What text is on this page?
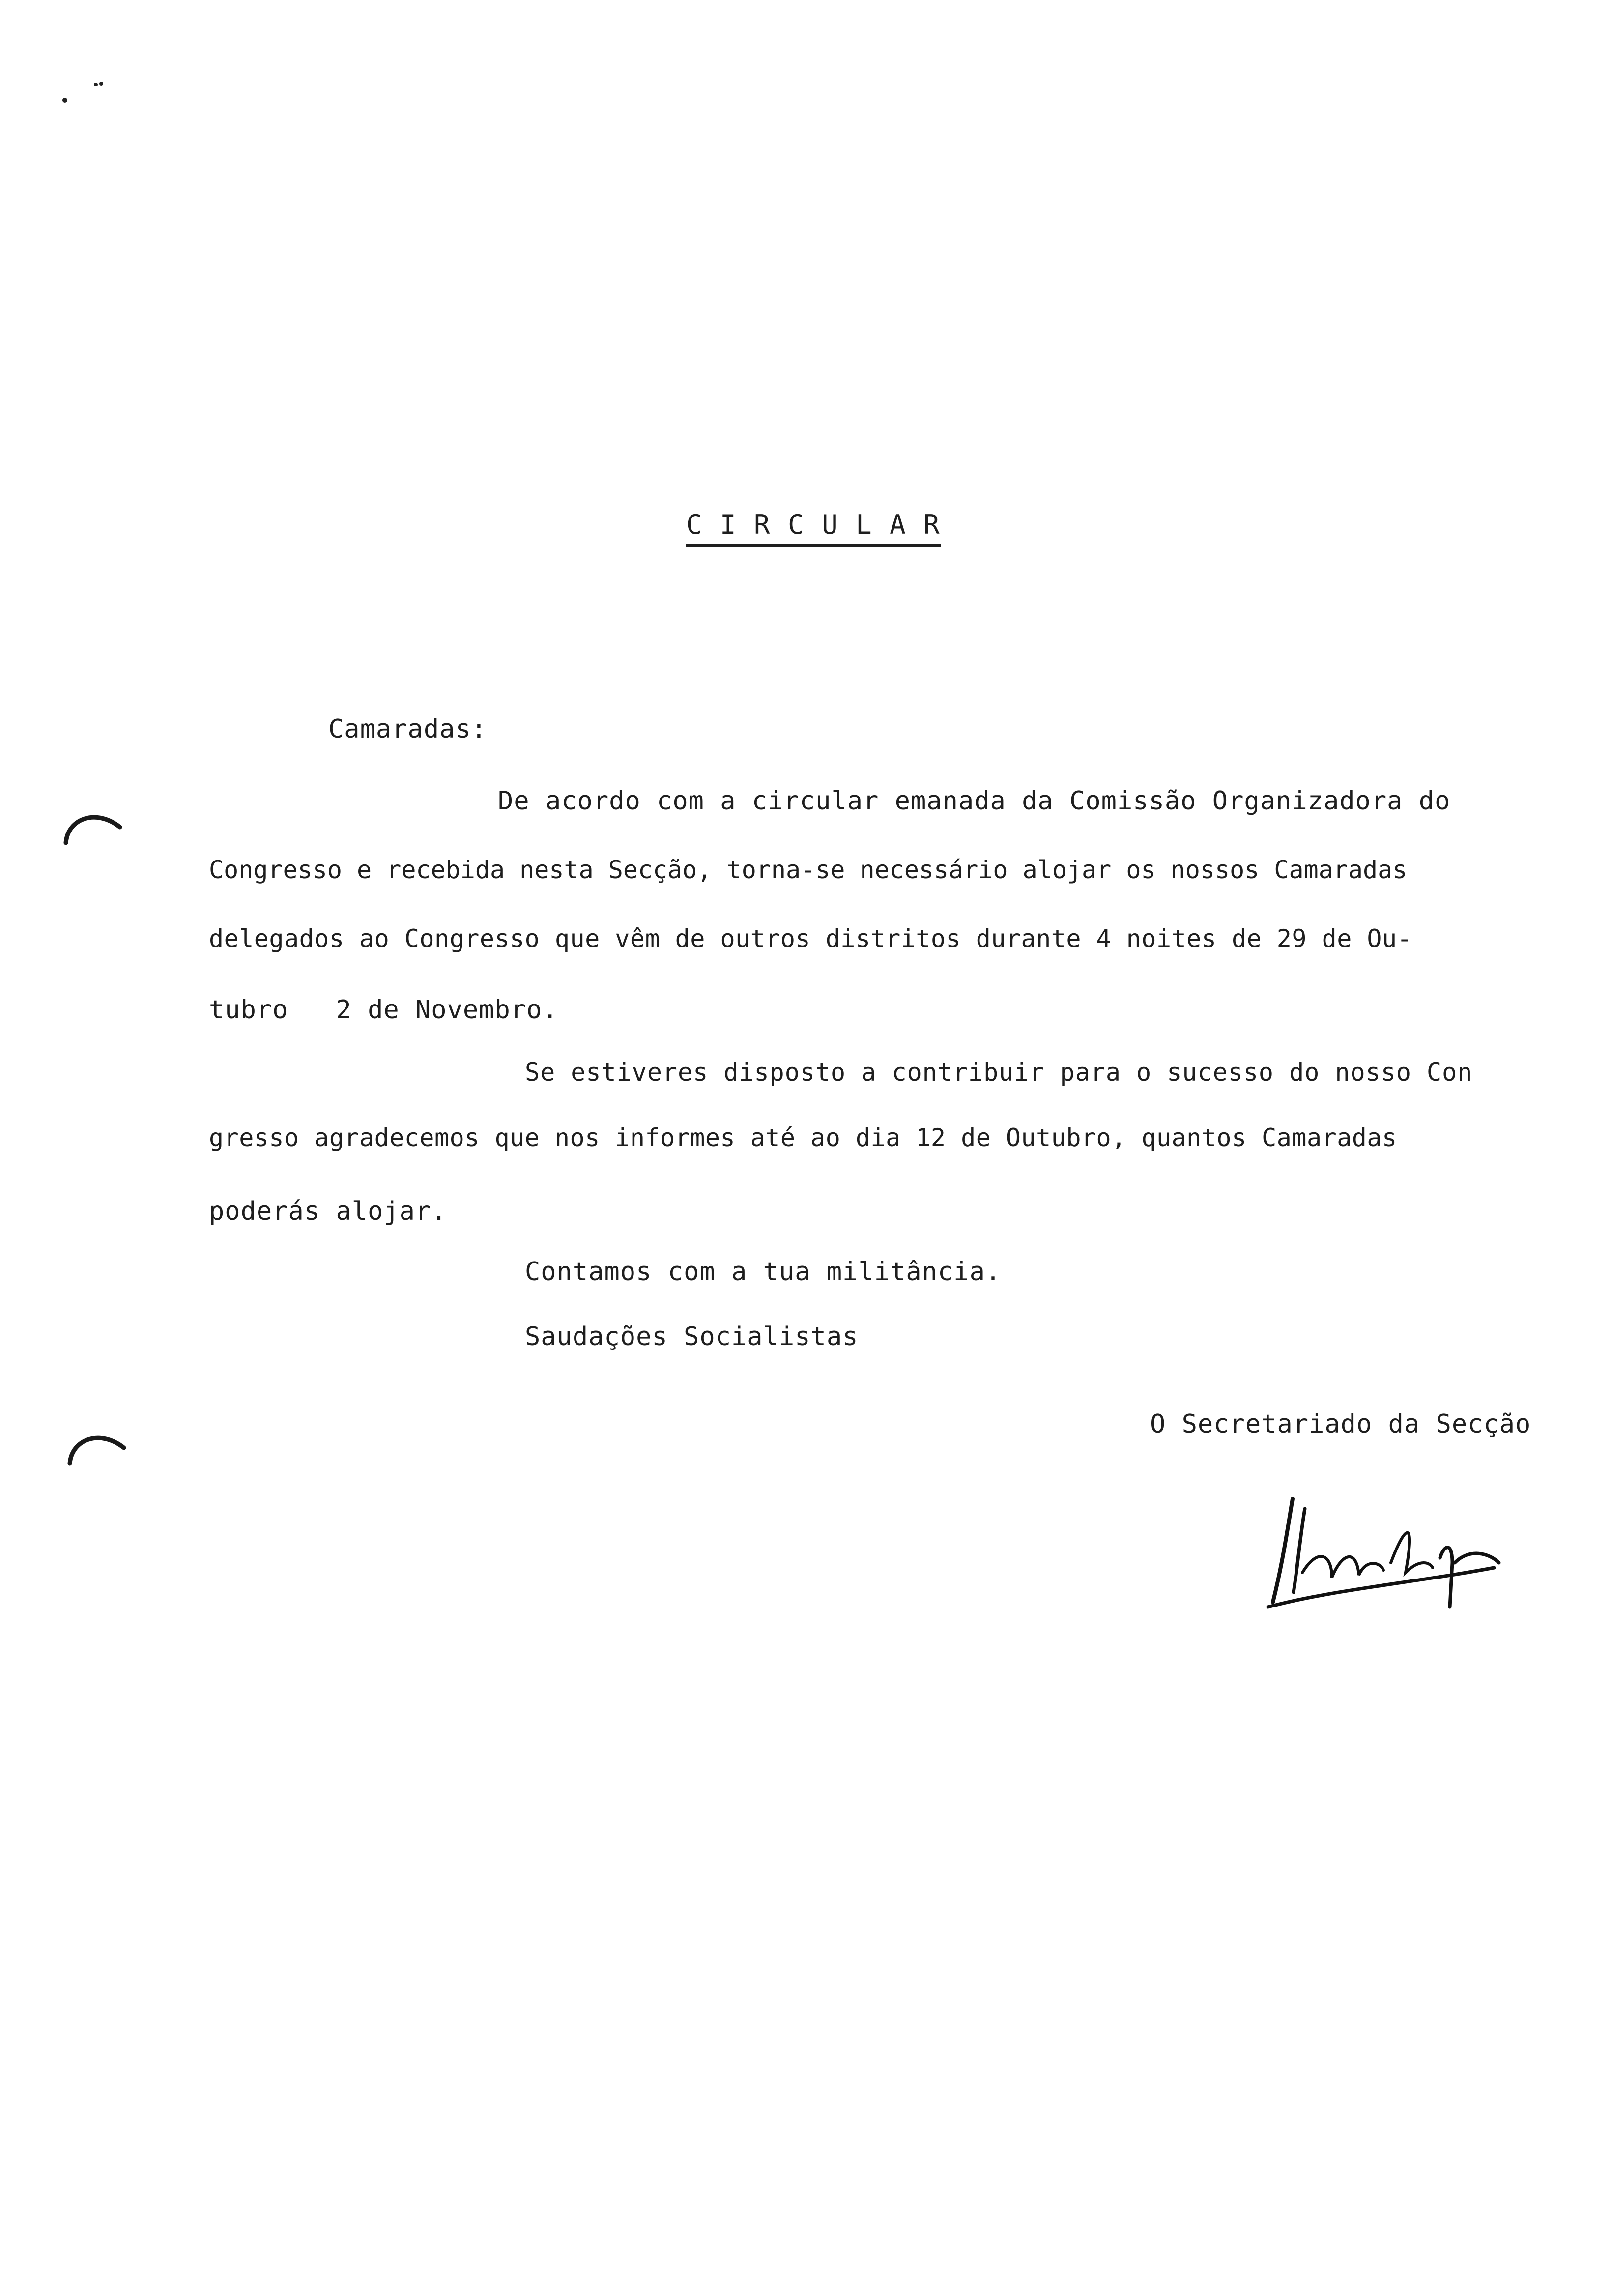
C I R C U L A R
Camaradas:
De acordo com a circular emanada da Comissão Organizadora do
Congresso e recebida nesta Secção, torna-se necessário alojar os nossos Camaradas
delegados ao Congresso que vêm de outros distritos durante 4 noites de 29 de Ou-
tubro   2 de Novembro.
Se estiveres disposto a contribuir para o sucesso do nosso Con
gresso agradecemos que nos informes até ao dia 12 de Outubro, quantos Camaradas
poderás alojar.
Contamos com a tua militância.
Saudações Socialistas
O Secretariado da Secção
